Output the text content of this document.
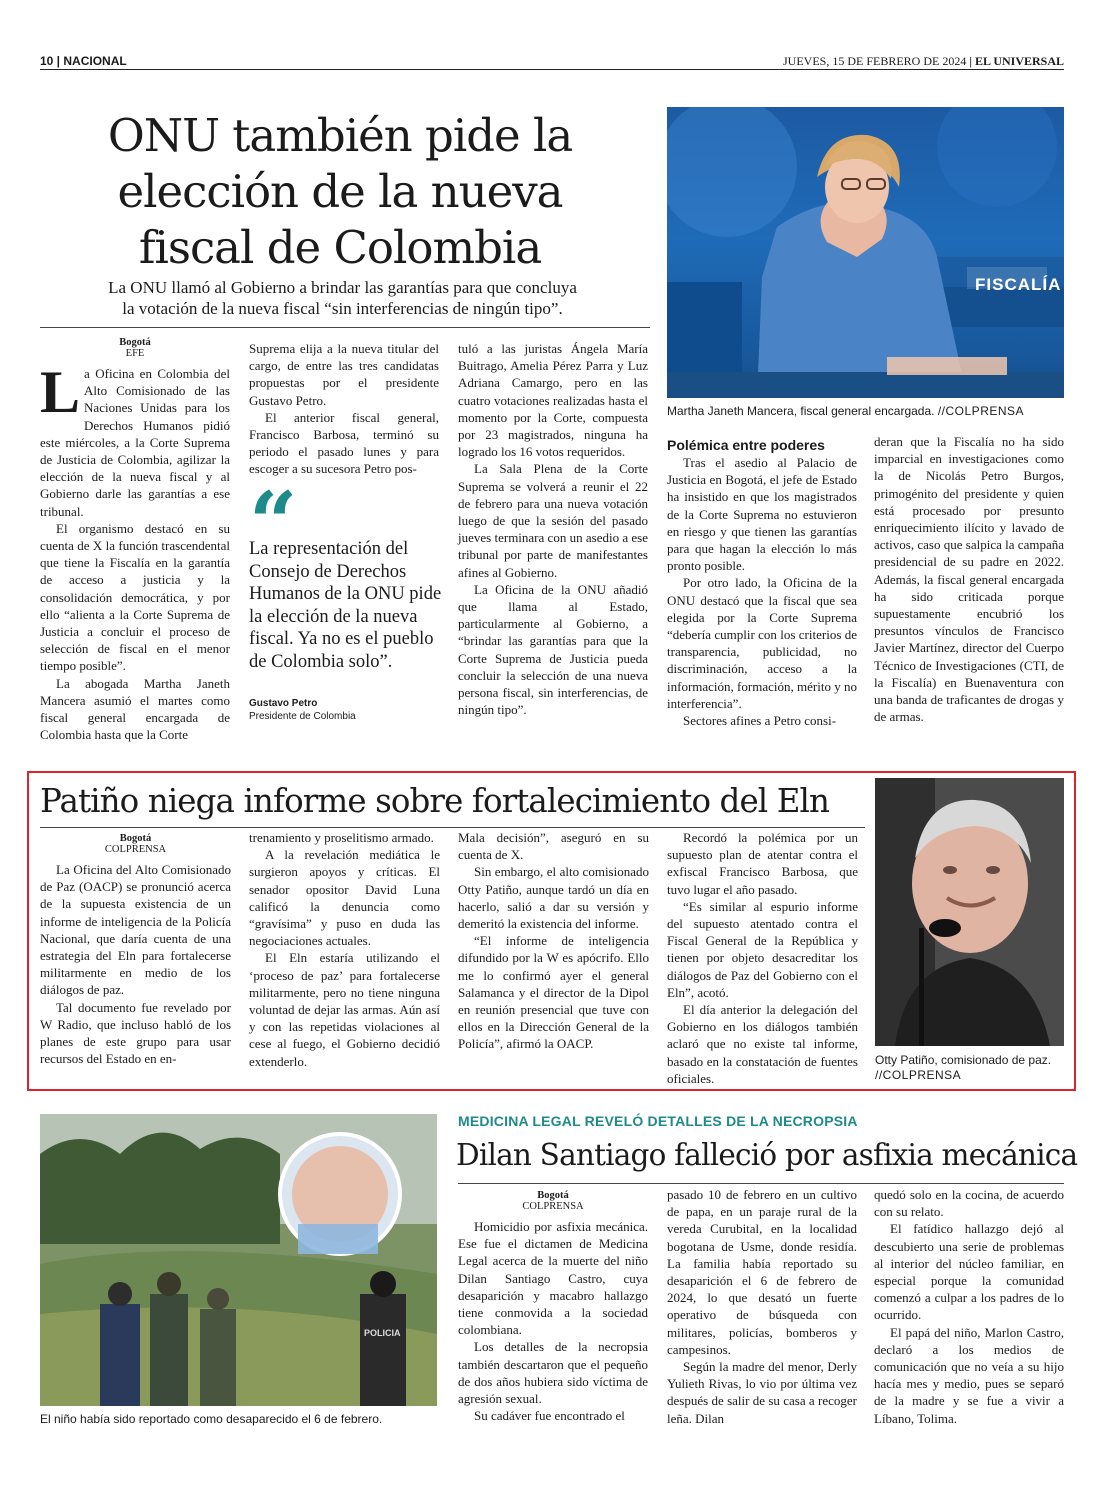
10 | NACIONAL	JUEVES, 15 DE FEBRERO DE 2024 | EL UNIVERSAL
ONU también pide la
elección de la nueva
fiscal de Colombia
La ONU llamó al Gobierno a brindar las garantías para que concluya
la votación de la nueva fiscal “sin interferencias de ningún tipo”.
Bogotá
EFE

La Oficina en Colombia del Alto Comisionado de las Naciones Unidas para los Derechos Humanos pidió este miércoles, a la Corte Suprema de Justicia de Colombia, agilizar la elección de la nueva fiscal y al Gobierno darle las garantías a ese tribunal.

El organismo destacó en su cuenta de X la función trascendental que tiene la Fiscalía en la garantía de acceso a justicia y la consolidación democrática, y por ello “alienta a la Corte Suprema de Justicia a concluir el proceso de selección de fiscal en el menor tiempo posible”.

La abogada Martha Janeth Mancera asumió el martes como fiscal general encargada de Colombia hasta que la Corte

Suprema elija a la nueva titular del cargo, de entre las tres candidatas propuestas por el presidente Gustavo Petro.

El anterior fiscal general, Francisco Barbosa, terminó su periodo el pasado lunes y para escoger a su sucesora Petro pos-

La representación del Consejo de Derechos Humanos de la ONU pide la elección de la nueva fiscal. Ya no es el pueblo de Colombia solo”.
Gustavo Petro
Presidente de Colombia

tuló a las juristas Ángela María Buitrago, Amelia Pérez Parra y Luz Adriana Camargo, pero en las cuatro votaciones realizadas hasta el momento por la Corte, compuesta por 23 magistrados, ninguna ha logrado los 16 votos requeridos.

La Sala Plena de la Corte Suprema se volverá a reunir el 22 de febrero para una nueva votación luego de que la sesión del pasado jueves terminara con un asedio a ese tribunal por parte de manifestantes afines al Gobierno.

La Oficina de la ONU añadió que llama al Estado, particularmente al Gobierno, a “brindar las garantías para que la Corte Suprema de Justicia pueda concluir la selección de una nueva persona fiscal, sin interferencias, de ningún tipo”.

FISCALÍA
Martha Janeth Mancera, fiscal general encargada. //COLPRENSA
Polémica entre poderes

Tras el asedio al Palacio de Justicia en Bogotá, el jefe de Estado ha insistido en que los magistrados de la Corte Suprema no estuvieron en riesgo y que tienen las garantías para que hagan la elección lo más pronto posible.

Por otro lado, la Oficina de la ONU destacó que la fiscal que sea elegida por la Corte Suprema “debería cumplir con los criterios de transparencia, publicidad, no discriminación, acceso a la información, formación, mérito y no interferencia”.

Sectores afines a Petro consi-

deran que la Fiscalía no ha sido imparcial en investigaciones como la de Nicolás Petro Burgos, primogénito del presidente y quien está procesado por presunto enriquecimiento ilícito y lavado de activos, caso que salpica la campaña presidencial de su padre en 2022. Además, la fiscal general encargada ha sido criticada porque supuestamente encubrió los presuntos vínculos de Francisco Javier Martínez, director del Cuerpo Técnico de Investigaciones (CTI, de la Fiscalía) en Buenaventura con una banda de traficantes de drogas y de armas.

Patiño niega informe sobre fortalecimiento del Eln
Bogotá
COLPRENSA

La Oficina del Alto Comisionado de Paz (OACP) se pronunció acerca de la supuesta existencia de un informe de inteligencia de la Policía Nacional, que daría cuenta de una estrategia del Eln para fortalecerse militarmente en medio de los diálogos de paz.

Tal documento fue revelado por W Radio, que incluso habló de los planes de este grupo para usar recursos del Estado en en-

trenamiento y proselitismo armado.

A la revelación mediática le surgieron apoyos y críticas. El senador opositor David Luna calificó la denuncia como “gravísima” y puso en duda las negociaciones actuales.

El Eln estaría utilizando el ‘proceso de paz’ para fortalecerse militarmente, pero no tiene ninguna voluntad de dejar las armas. Aún así y con las repetidas violaciones al cese al fuego, el Gobierno decidió extenderlo.

Mala decisión”, aseguró en su cuenta de X.

Sin embargo, el alto comisionado Otty Patiño, aunque tardó un día en hacerlo, salió a dar su versión y demeritó la existencia del informe.

“El informe de inteligencia difundido por la W es apócrifo. Ello me lo confirmó ayer el general Salamanca y el director de la Dipol en reunión presencial que tuve con ellos en la Dirección General de la Policía”, afirmó la OACP.

Recordó la polémica por un supuesto plan de atentar contra el exfiscal Francisco Barbosa, que tuvo lugar el año pasado.

“Es similar al espurio informe del supuesto atentado contra el Fiscal General de la República y tienen por objeto desacreditar los diálogos de Paz del Gobierno con el Eln”, acotó.

El día anterior la delegación del Gobierno en los diálogos también aclaró que no existe tal informe, basado en la constatación de fuentes oficiales.

Otty Patiño, comisionado de paz. //COLPRENSA
POLICIA
El niño había sido reportado como desaparecido el 6 de febrero.
MEDICINA LEGAL REVELÓ DETALLES DE LA NECROPSIA
Dilan Santiago falleció por asfixia mecánica
Bogotá
COLPRENSA

Homicidio por asfixia mecánica. Ese fue el dictamen de Medicina Legal acerca de la muerte del niño Dilan Santiago Castro, cuya desaparición y macabro hallazgo tiene conmovida a la sociedad colombiana.

Los detalles de la necropsia también descartaron que el pequeño de dos años hubiera sido víctima de agresión sexual.

Su cadáver fue encontrado el

pasado 10 de febrero en un cultivo de papa, en un paraje rural de la vereda Curubital, en la localidad bogotana de Usme, donde residía. La familia había reportado su desaparición el 6 de febrero de 2024, lo que desató un fuerte operativo de búsqueda con militares, policías, bomberos y campesinos.

Según la madre del menor, Derly Yulieth Rivas, lo vio por última vez después de salir de su casa a recoger leña. Dilan

quedó solo en la cocina, de acuerdo con su relato.

El fatídico hallazgo dejó al descubierto una serie de problemas al interior del núcleo familiar, en especial porque la comunidad comenzó a culpar a los padres de lo ocurrido.

El papá del niño, Marlon Castro, declaró a los medios de comunicación que no veía a su hijo hacía mes y medio, pues se separó de la madre y se fue a vivir a Líbano, Tolima.
